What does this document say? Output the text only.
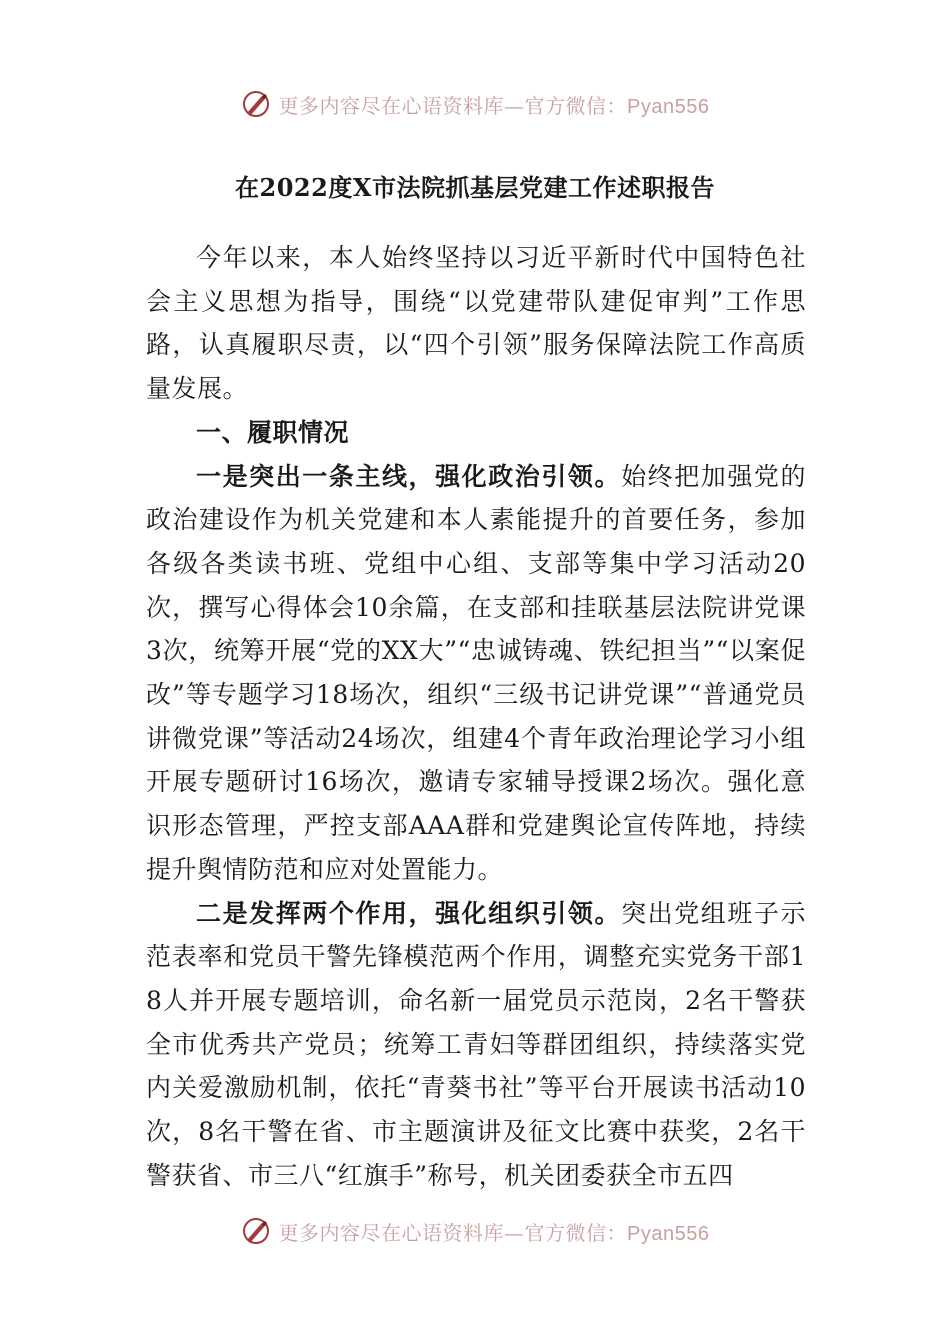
更多内容尽在心语资料库—官方微信：Pyan556
在2022度X市法院抓基层党建工作述职报告

今年以来，本人始终坚持以习近平新时代中国特色社会主义思想为指导，围绕“以党建带队建促审判”工作思路，认真履职尽责，以“四个引领”服务保障法院工作高质量发展。

一、履职情况

一是突出一条主线，强化政治引领。始终把加强党的政治建设作为机关党建和本人素能提升的首要任务，参加各级各类读书班、党组中心组、支部等集中学习活动20次，撰写心得体会10余篇，在支部和挂联基层法院讲党课3次，统筹开展“党的XX大”“忠诚铸魂、铁纪担当”“以案促改”等专题学习18场次，组织“三级书记讲党课”“普通党员讲微党课”等活动24场次，组建4个青年政治理论学习小组开展专题研讨16场次，邀请专家辅导授课2场次。强化意识形态管理，严控支部AAA群和党建舆论宣传阵地，持续提升舆情防范和应对处置能力。

二是发挥两个作用，强化组织引领。突出党组班子示范表率和党员干警先锋模范两个作用，调整充实党务干部18人并开展专题培训，命名新一届党员示范岗，2名干警获全市优秀共产党员；统筹工青妇等群团组织，持续落实党内关爱激励机制，依托“青葵书社”等平台开展读书活动10次，8名干警在省、市主题演讲及征文比赛中获奖，2名干警获省、市三八“红旗手”称号，机关团委获全市五四

更多内容尽在心语资料库—官方微信：Pyan556
